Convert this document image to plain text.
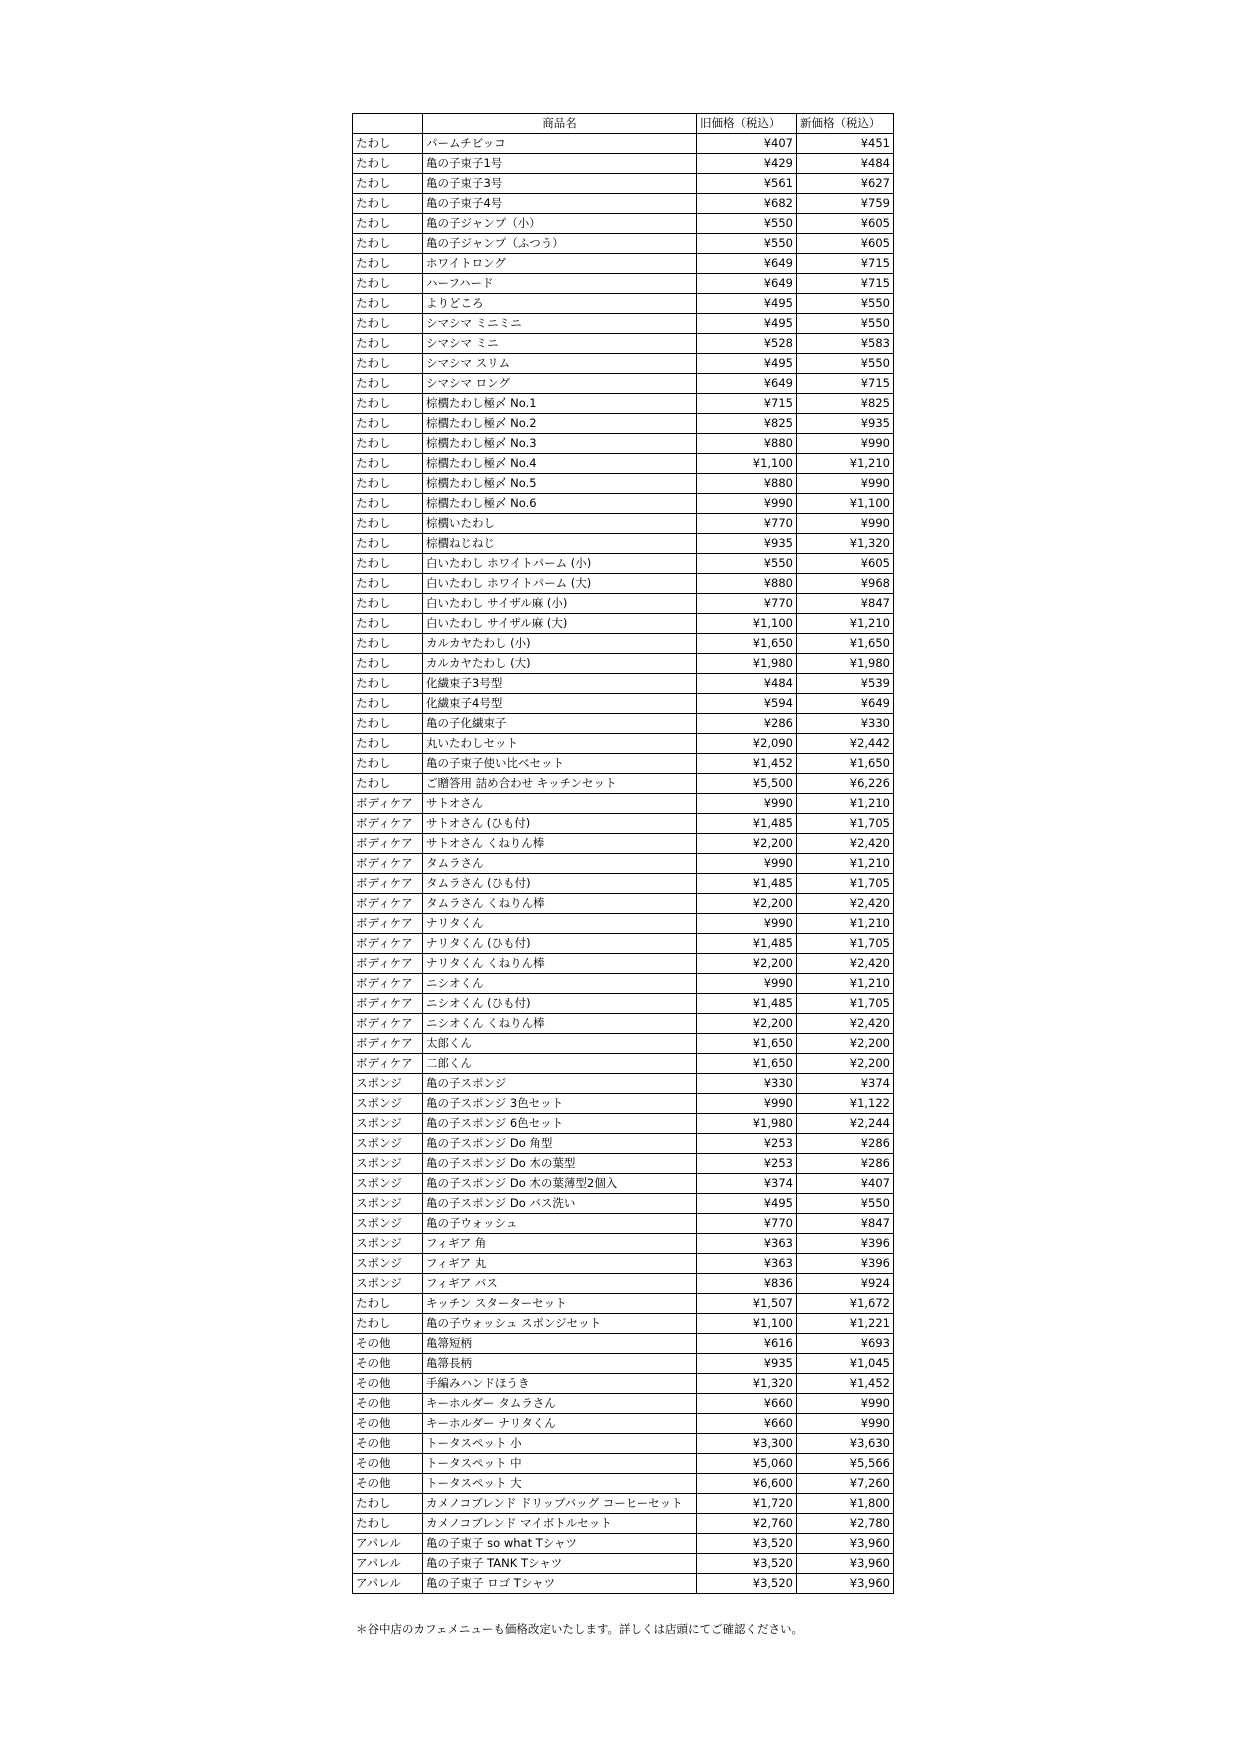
	商品名	旧価格（税込）	新価格（税込）
たわし	パームチビッコ	¥407	¥451
たわし	亀の子束子1号	¥429	¥484
たわし	亀の子束子3号	¥561	¥627
たわし	亀の子束子4号	¥682	¥759
たわし	亀の子ジャンプ（小）	¥550	¥605
たわし	亀の子ジャンプ（ふつう）	¥550	¥605
たわし	ホワイトロング	¥649	¥715
たわし	ハーフハード	¥649	¥715
たわし	よりどころ	¥495	¥550
たわし	シマシマ ミニミニ	¥495	¥550
たわし	シマシマ ミニ	¥528	¥583
たわし	シマシマ スリム	¥495	¥550
たわし	シマシマ ロング	¥649	¥715
たわし	棕櫚たわし極〆 No.1	¥715	¥825
たわし	棕櫚たわし極〆 No.2	¥825	¥935
たわし	棕櫚たわし極〆 No.3	¥880	¥990
たわし	棕櫚たわし極〆 No.4	¥1,100	¥1,210
たわし	棕櫚たわし極〆 No.5	¥880	¥990
たわし	棕櫚たわし極〆 No.6	¥990	¥1,100
たわし	棕櫚いたわし	¥770	¥990
たわし	棕櫚ねじねじ	¥935	¥1,320
たわし	白いたわし ホワイトパーム (小)	¥550	¥605
たわし	白いたわし ホワイトパーム (大)	¥880	¥968
たわし	白いたわし サイザル麻 (小)	¥770	¥847
たわし	白いたわし サイザル麻 (大)	¥1,100	¥1,210
たわし	カルカヤたわし (小)	¥1,650	¥1,650
たわし	カルカヤたわし (大)	¥1,980	¥1,980
たわし	化繊束子3号型	¥484	¥539
たわし	化繊束子4号型	¥594	¥649
たわし	亀の子化繊束子	¥286	¥330
たわし	丸いたわしセット	¥2,090	¥2,442
たわし	亀の子束子使い比べセット	¥1,452	¥1,650
たわし	ご贈答用 詰め合わせ キッチンセット	¥5,500	¥6,226
ボディケア	サトオさん	¥990	¥1,210
ボディケア	サトオさん (ひも付)	¥1,485	¥1,705
ボディケア	サトオさん くねりん棒	¥2,200	¥2,420
ボディケア	タムラさん	¥990	¥1,210
ボディケア	タムラさん (ひも付)	¥1,485	¥1,705
ボディケア	タムラさん くねりん棒	¥2,200	¥2,420
ボディケア	ナリタくん	¥990	¥1,210
ボディケア	ナリタくん (ひも付)	¥1,485	¥1,705
ボディケア	ナリタくん くねりん棒	¥2,200	¥2,420
ボディケア	ニシオくん	¥990	¥1,210
ボディケア	ニシオくん (ひも付)	¥1,485	¥1,705
ボディケア	ニシオくん くねりん棒	¥2,200	¥2,420
ボディケア	太郎くん	¥1,650	¥2,200
ボディケア	二郎くん	¥1,650	¥2,200
スポンジ	亀の子スポンジ	¥330	¥374
スポンジ	亀の子スポンジ 3色セット	¥990	¥1,122
スポンジ	亀の子スポンジ 6色セット	¥1,980	¥2,244
スポンジ	亀の子スポンジ Do 角型	¥253	¥286
スポンジ	亀の子スポンジ Do 木の葉型	¥253	¥286
スポンジ	亀の子スポンジ Do 木の葉薄型2個入	¥374	¥407
スポンジ	亀の子スポンジ Do バス洗い	¥495	¥550
スポンジ	亀の子ウォッシュ	¥770	¥847
スポンジ	フィギア 角	¥363	¥396
スポンジ	フィギア 丸	¥363	¥396
スポンジ	フィギア バス	¥836	¥924
たわし	キッチン スターターセット	¥1,507	¥1,672
たわし	亀の子ウォッシュ スポンジセット	¥1,100	¥1,221
その他	亀箒短柄	¥616	¥693
その他	亀箒長柄	¥935	¥1,045
その他	手編みハンドほうき	¥1,320	¥1,452
その他	キーホルダー タムラさん	¥660	¥990
その他	キーホルダー ナリタくん	¥660	¥990
その他	トータスペット 小	¥3,300	¥3,630
その他	トータスペット 中	¥5,060	¥5,566
その他	トータスペット 大	¥6,600	¥7,260
たわし	カメノコブレンド ドリップバッグ コーヒーセット	¥1,720	¥1,800
たわし	カメノコブレンド マイボトルセット	¥2,760	¥2,780
アパレル	亀の子束子 so what Tシャツ	¥3,520	¥3,960
アパレル	亀の子束子 TANK Tシャツ	¥3,520	¥3,960
アパレル	亀の子束子 ロゴ Tシャツ	¥3,520	¥3,960
＊谷中店のカフェメニューも価格改定いたします。詳しくは店頭にてご確認ください。
